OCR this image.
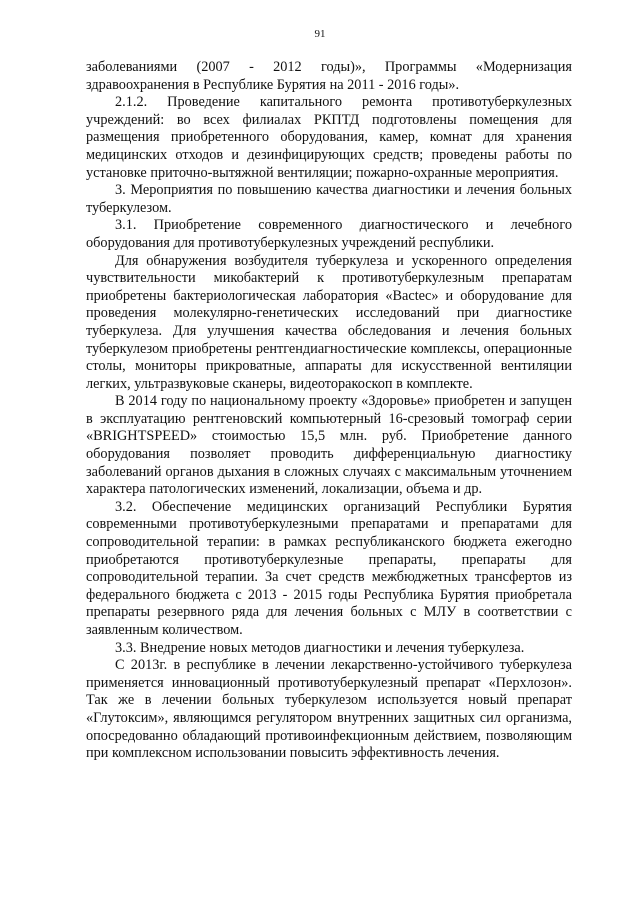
91

заболеваниями (2007 - 2012 годы)», Программы «Модернизация здравоохранения в Республике Бурятия на 2011 - 2016 годы».

2.1.2. Проведение капитального ремонта противотуберкулезных учреждений: во всех филиалах РКПТД подготовлены помещения для размещения приобретенного оборудования, камер, комнат для хранения медицинских отходов и дезинфицирующих средств; проведены работы по установке приточно-вытяжной вентиляции; пожарно-охранные мероприятия.

3. Мероприятия по повышению качества диагностики и лечения больных туберкулезом.

3.1. Приобретение современного диагностического и лечебного оборудования для противотуберкулезных учреждений республики.

Для обнаружения возбудителя туберкулеза и ускоренного определения чувствительности микобактерий к противотуберкулезным препаратам приобретены бактериологическая лаборатория «Bactec» и оборудование для проведения молекулярно-генетических исследований при диагностике туберкулеза. Для улучшения качества обследования и лечения больных туберкулезом приобретены рентгендиагностические комплексы, операционные столы, мониторы прикроватные, аппараты для искусственной вентиляции легких, ультразвуковые сканеры, видеоторакоскоп в комплекте.

В 2014 году по национальному проекту «Здоровье» приобретен и запущен в эксплуатацию рентгеновский компьютерный 16-срезовый томограф серии «BRIGHTSPEED» стоимостью 15,5 млн. руб. Приобретение данного оборудования позволяет проводить дифференциальную диагностику заболеваний органов дыхания в сложных случаях с максимальным уточнением характера патологических изменений, локализации, объема и др.

3.2. Обеспечение медицинских организаций Республики Бурятия современными противотуберкулезными препаратами и препаратами для сопроводительной терапии: в рамках республиканского бюджета ежегодно приобретаются противотуберкулезные препараты, препараты для сопроводительной терапии. За счет средств межбюджетных трансфертов из федерального бюджета с 2013 - 2015 годы Республика Бурятия приобретала препараты резервного ряда для лечения больных с МЛУ в соответствии с заявленным количеством.

3.3. Внедрение новых методов диагностики и лечения туберкулеза.

С 2013г. в республике в лечении лекарственно-устойчивого туберкулеза применяется инновационный противотуберкулезный препарат «Перхлозон». Так же в лечении больных туберкулезом используется новый препарат «Глутоксим», являющимся регулятором внутренних защитных сил организма, опосредованно обладающий противоинфекционным действием, позволяющим при комплексном использовании повысить эффективность лечения.
